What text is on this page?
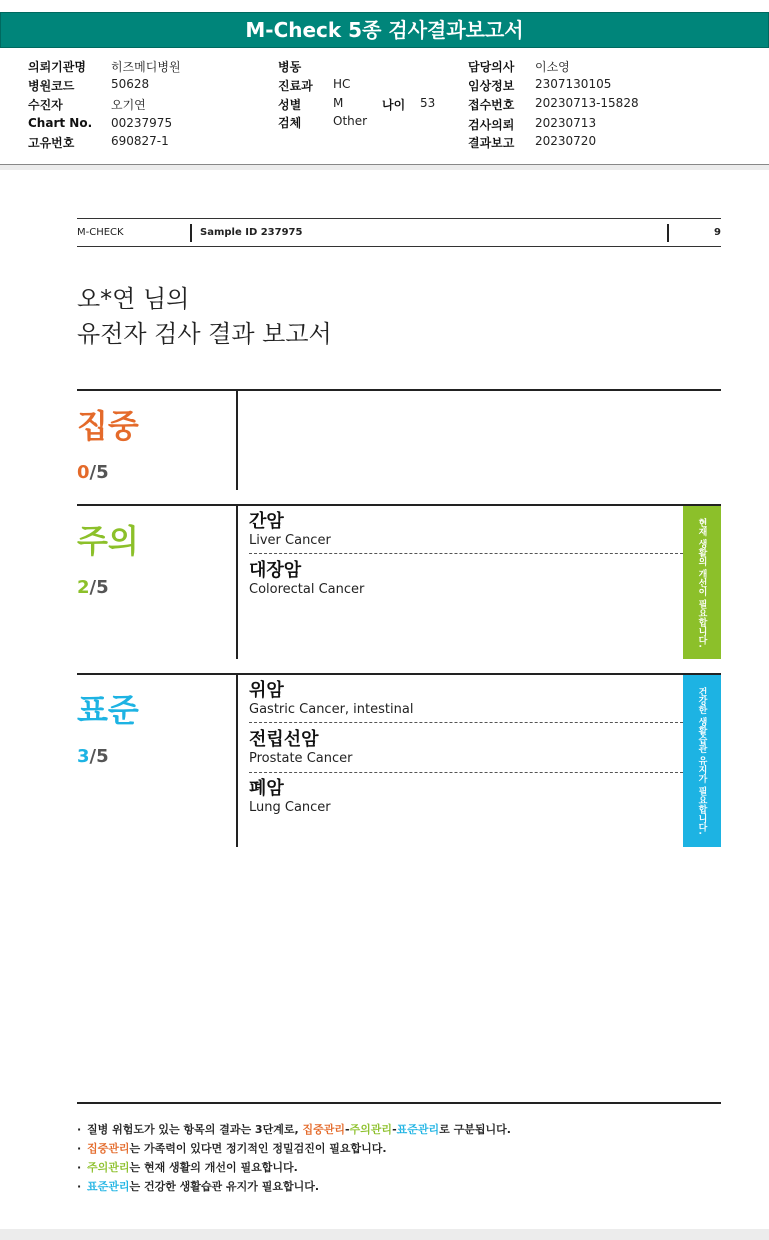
M-Check 5종 검사결과보고서
의뢰기관명 히즈메디병원
병원코드	50628
수진자	오기연
Chart No. 00237975
고유번호	690827-1
병동
진료과 HC
성별	M	나이 53
검체	Other
담당의사 이소영
임상정보 2307130105
접수번호 20230713-15828
검사의뢰 20230713
결과보고 20230720
M-CHECK	Sample ID 237975	9
오*연 님의
유전자 검사 결과 보고서
집중
0/5
주의
2/5
간암
Liver Cancer
대장암
Colorectal Cancer	현재 생활의 개선이 필요합니다.
표준
3/5
위암
Gastric Cancer, intestinal
전립선암
Prostate Cancer
폐암
Lung Cancer	건강한 생활습관 유지가 필요합니다.
· 질병 위험도가 있는 항목의 결과는 3단계로, 집중관리-주의관리-표준관리로 구분됩니다.
· 집중관리는 가족력이 있다면 정기적인 정밀검진이 필요합니다.
· 주의관리는 현재 생활의 개선이 필요합니다.
· 표준관리는 건강한 생활습관 유지가 필요합니다.
